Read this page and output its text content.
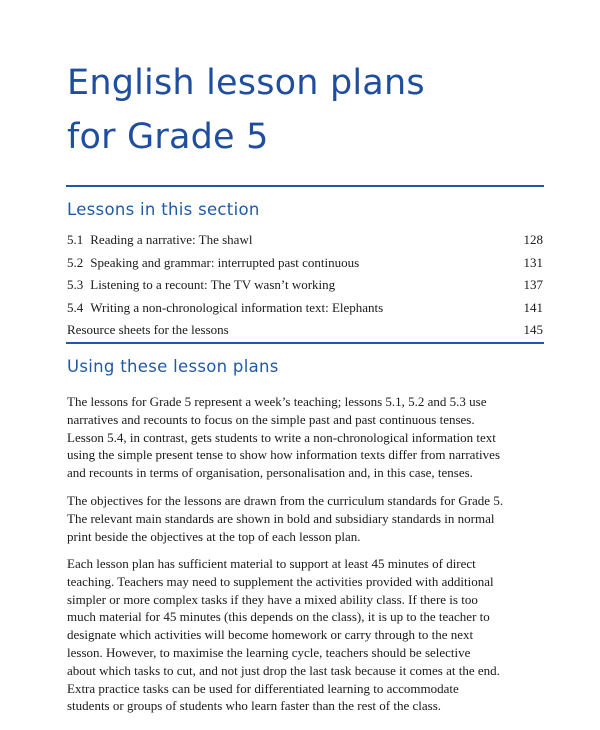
English lesson plans
for Grade 5
Lessons in this section
5.1 Reading a narrative: The shawl	128
5.2 Speaking and grammar: interrupted past continuous	131
5.3 Listening to a recount: The TV wasn’t working	137
5.4 Writing a non-chronological information text: Elephants	141
Resource sheets for the lessons	145
Using these lesson plans

The lessons for Grade 5 represent a week’s teaching; lessons 5.1, 5.2 and 5.3 use
narratives and recounts to focus on the simple past and past continuous tenses.
Lesson 5.4, in contrast, gets students to write a non-chronological information text
using the simple present tense to show how information texts differ from narratives
and recounts in terms of organisation, personalisation and, in this case, tenses.

The objectives for the lessons are drawn from the curriculum standards for Grade 5.
The relevant main standards are shown in bold and subsidiary standards in normal
print beside the objectives at the top of each lesson plan.

Each lesson plan has sufficient material to support at least 45 minutes of direct
teaching. Teachers may need to supplement the activities provided with additional
simpler or more complex tasks if they have a mixed ability class. If there is too
much material for 45 minutes (this depends on the class), it is up to the teacher to
designate which activities will become homework or carry through to the next
lesson. However, to maximise the learning cycle, teachers should be selective
about which tasks to cut, and not just drop the last task because it comes at the end.
Extra practice tasks can be used for differentiated learning to accommodate
students or groups of students who learn faster than the rest of the class.
